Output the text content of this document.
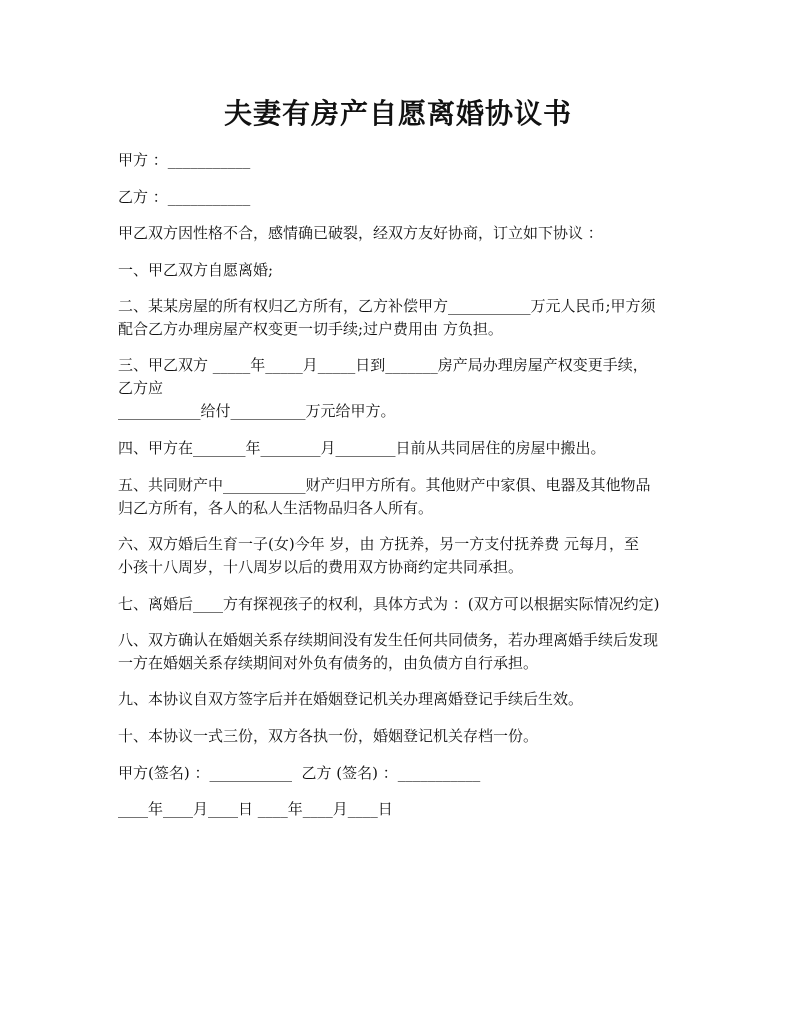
夫妻有房产自愿离婚协议书
甲方 ：___________
乙方 ：___________
甲乙双方因性格不合，感情确已破裂，经双方友好协商，订立如下协议 ：
一、甲乙双方自愿离婚;
二、某某房屋的所有权归乙方所有，乙方补偿甲方___________万元人民币;甲方须
配合乙方办理房屋产权变更一切手续;过户费用由 方负担。
三、甲乙双方 _____年_____月_____日到_______房产局办理房屋产权变更手续，
乙方应
___________给付__________万元给甲方。
四、甲方在_______年________月________日前从共同居住的房屋中搬出。
五、共同财产中___________财产归甲方所有。其他财产中家俱、电器及其他物品
归乙方所有，各人的私人生活物品归各人所有。
六、双方婚后生育一子(女)今年 岁，由 方抚养，另一方支付抚养费 元每月，至
小孩十八周岁，十八周岁以后的费用双方协商约定共同承担。
七、离婚后____方有探视孩子的权利，具体方式为 ：(双方可以根据实际情况约定)
八、双方确认在婚姻关系存续期间没有发生任何共同债务，若办理离婚手续后发现
一方在婚姻关系存续期间对外负有债务的，由负债方自行承担。
九、本协议自双方签字后并在婚姻登记机关办理离婚登记手续后生效。
十、本协议一式三份，双方各执一份，婚姻登记机关存档一份。
甲方(签名) ：___________  乙方 (签名) ：___________
____年____月____日 ____年____月____日
